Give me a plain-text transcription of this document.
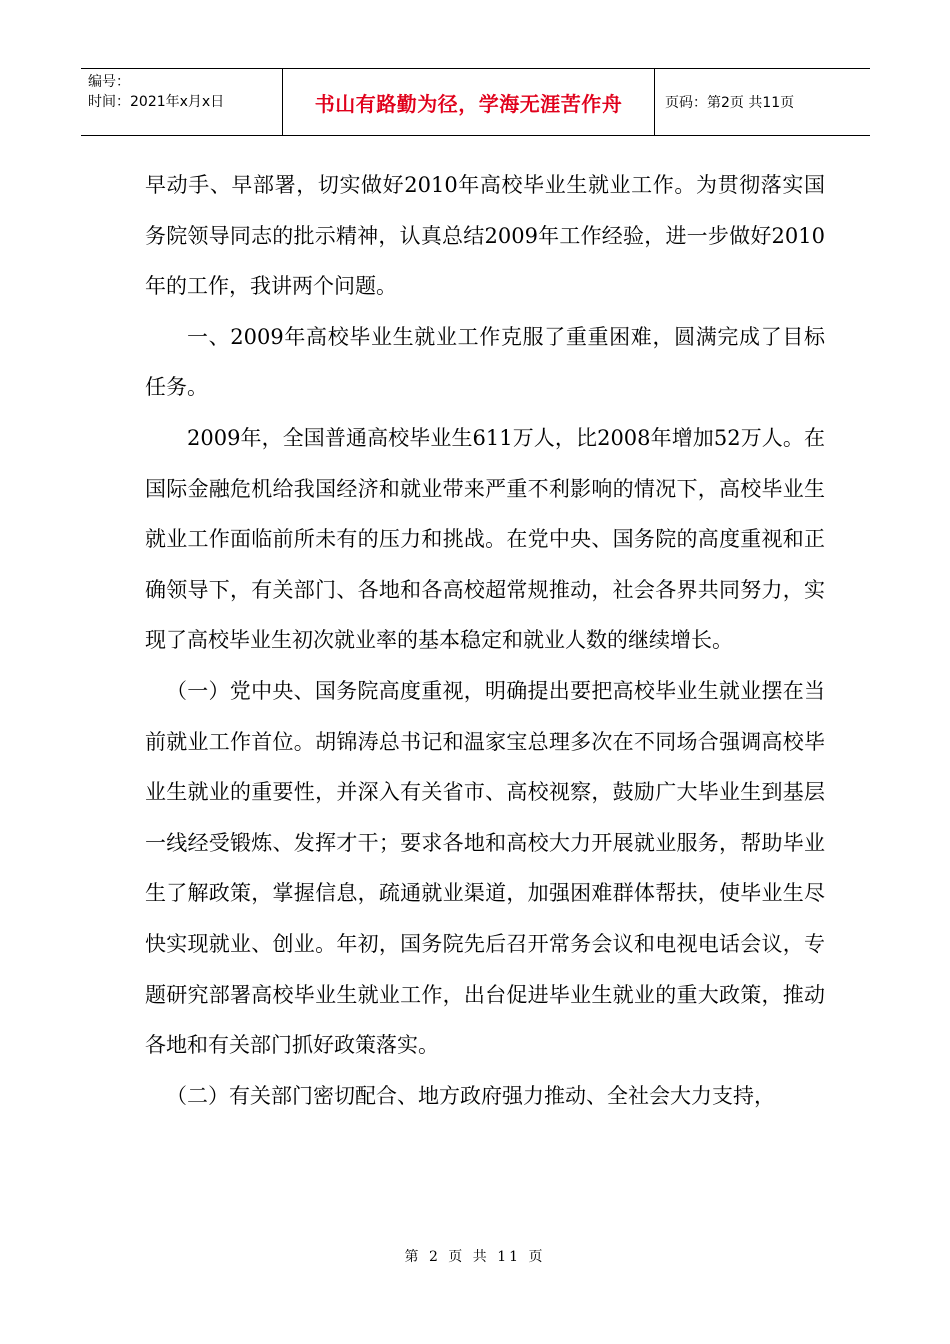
编号：
时间：2021年x月x日	书山有路勤为径，学海无涯苦作舟	页码：第2页 共11页

早动手、早部署，切实做好2010年高校毕业生就业工作。为贯彻落实国务院领导同志的批示精神，认真总结2009年工作经验，进一步做好2010年的工作，我讲两个问题。

一、2009年高校毕业生就业工作克服了重重困难，圆满完成了目标任务。

2009年，全国普通高校毕业生611万人，比2008年增加52万人。在国际金融危机给我国经济和就业带来严重不利影响的情况下，高校毕业生就业工作面临前所未有的压力和挑战。在党中央、国务院的高度重视和正确领导下，有关部门、各地和各高校超常规推动，社会各界共同努力，实现了高校毕业生初次就业率的基本稳定和就业人数的继续增长。

（一）党中央、国务院高度重视，明确提出要把高校毕业生就业摆在当前就业工作首位。胡锦涛总书记和温家宝总理多次在不同场合强调高校毕业生就业的重要性，并深入有关省市、高校视察，鼓励广大毕业生到基层一线经受锻炼、发挥才干；要求各地和高校大力开展就业服务，帮助毕业生了解政策，掌握信息，疏通就业渠道，加强困难群体帮扶，使毕业生尽快实现就业、创业。年初，国务院先后召开常务会议和电视电话会议，专题研究部署高校毕业生就业工作，出台促进毕业生就业的重大政策，推动各地和有关部门抓好政策落实。

（二）有关部门密切配合、地方政府强力推动、全社会大力支持，

第 2 页 共 11 页
